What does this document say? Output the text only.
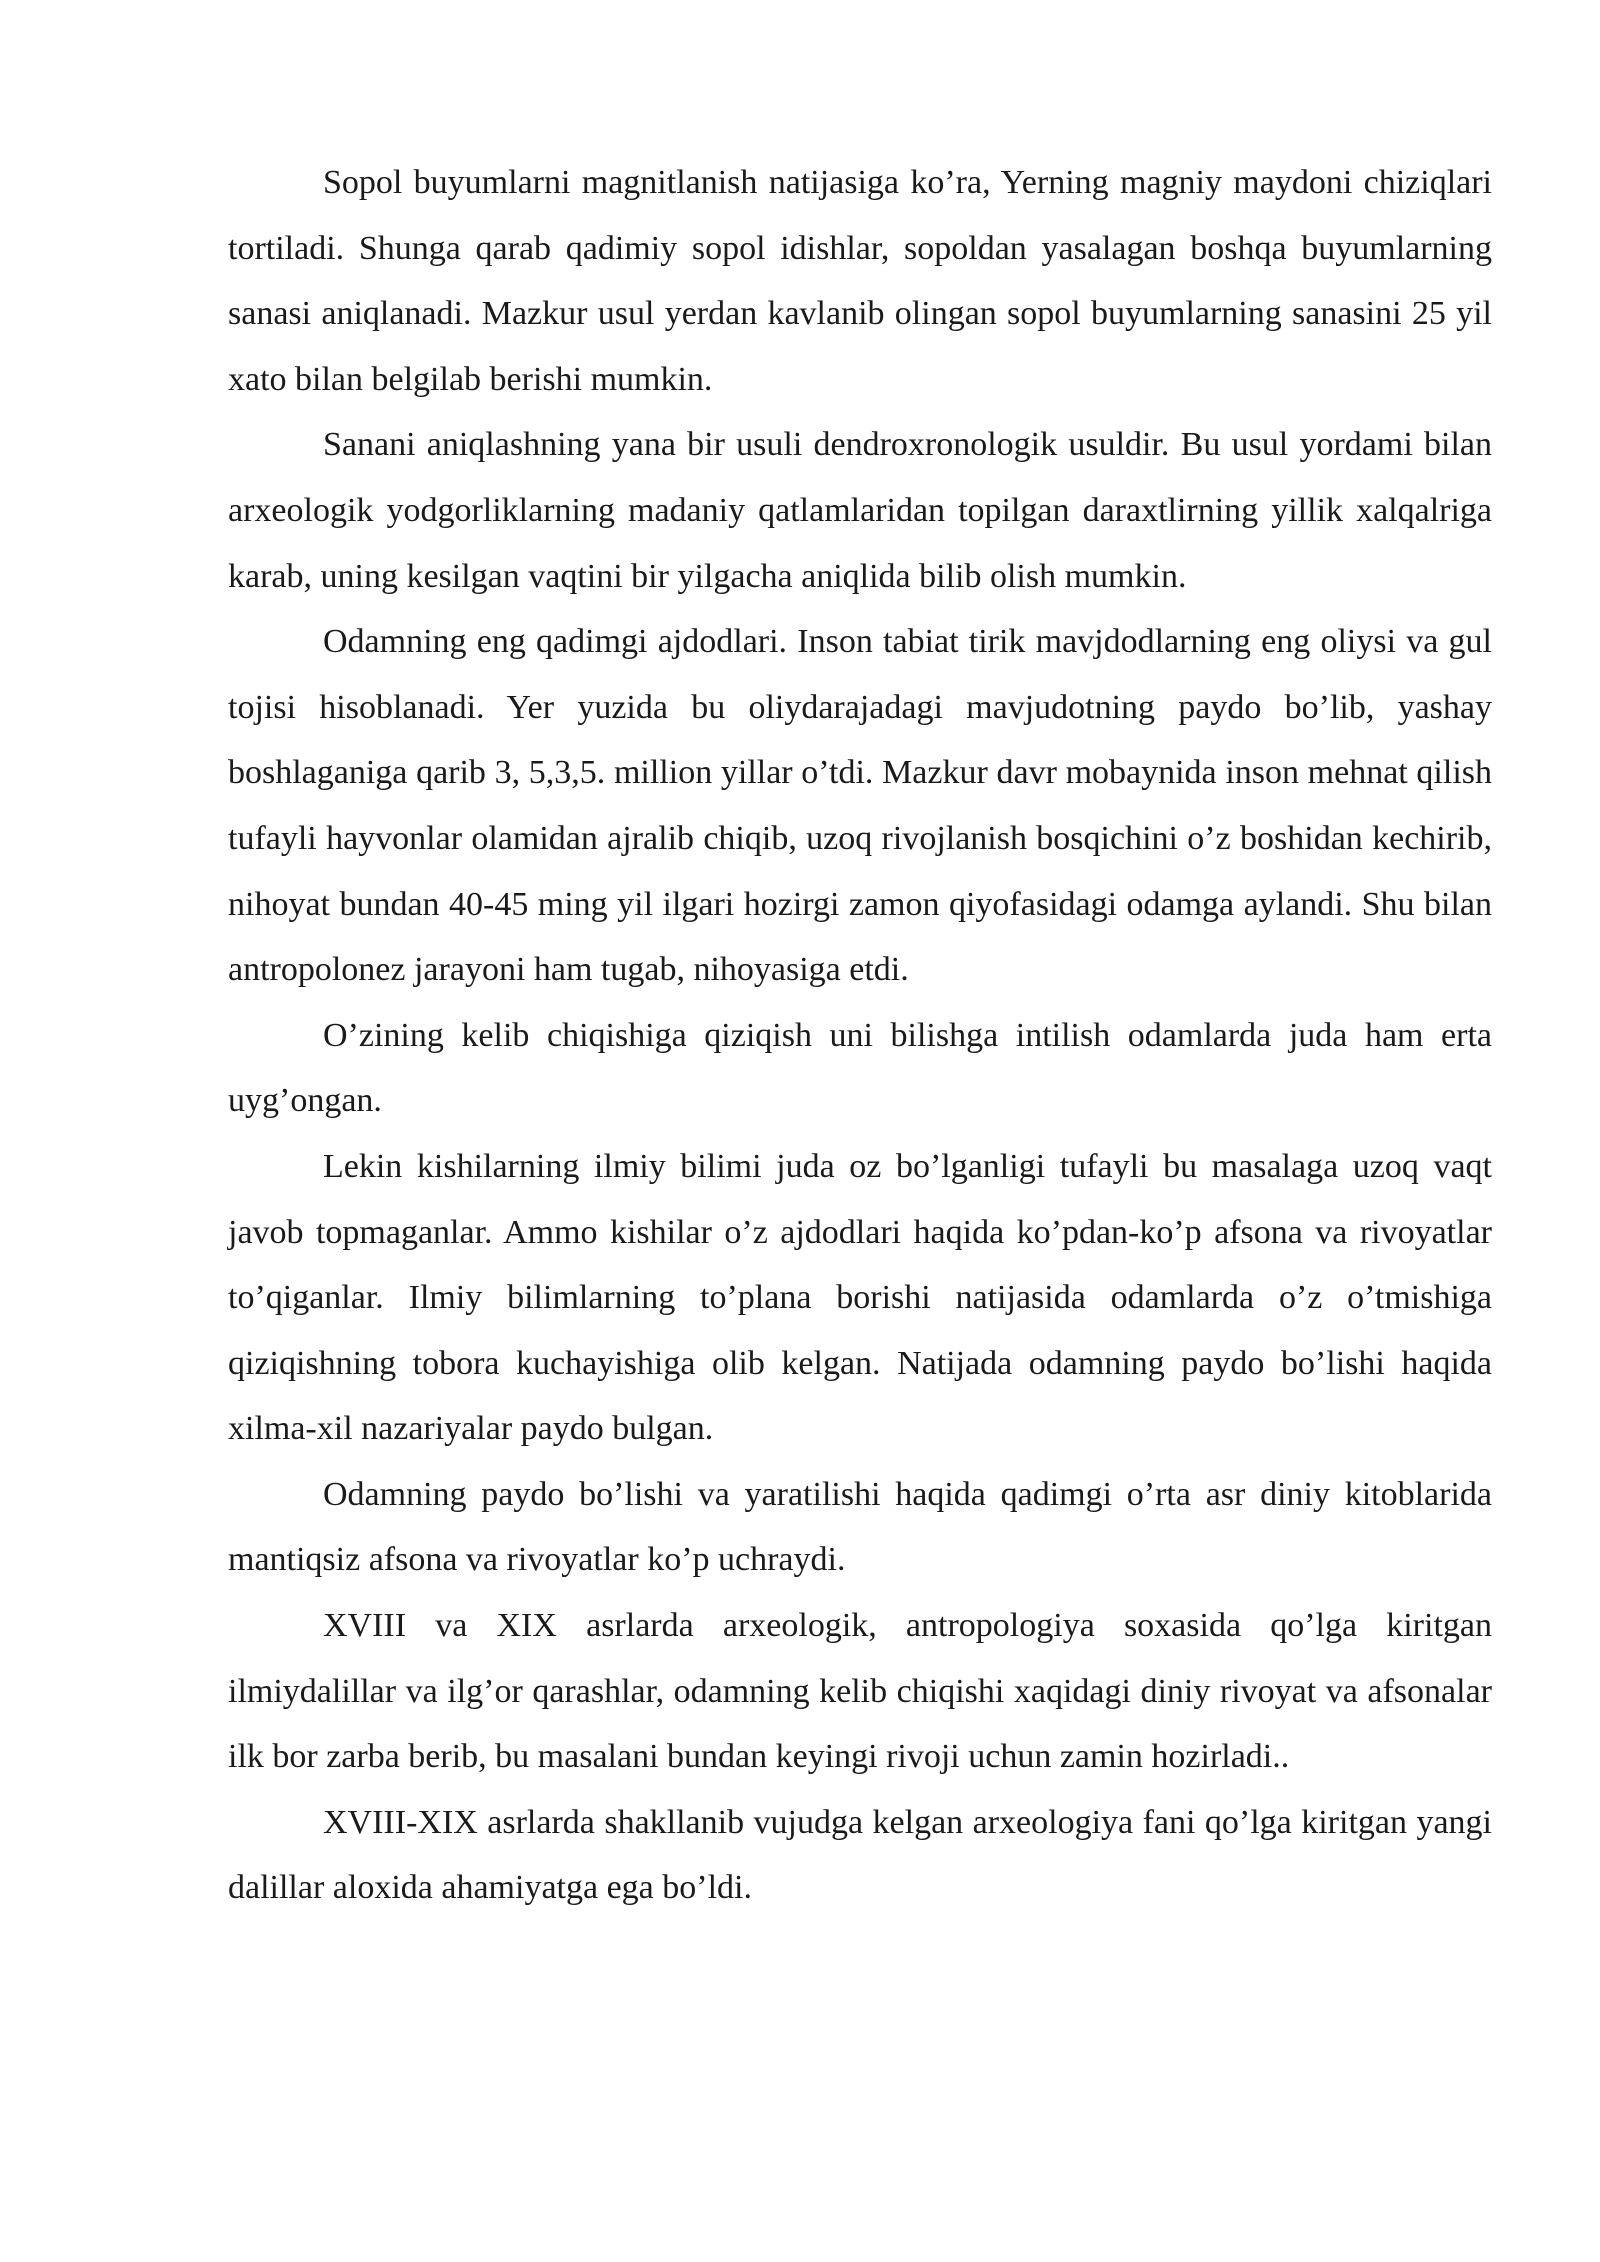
Sopol buyumlarni magnitlanish natijasiga ko’ra, Yerning magniy maydoni chiziqlari tortiladi. Shunga qarab qadimiy sopol idishlar, sopoldan yasalagan boshqa buyumlarning sanasi aniqlanadi. Mazkur usul yerdan kavlanib olingan sopol buyumlarning sanasini 25 yil xato bilan belgilab berishi mumkin.

Sanani aniqlashning yana bir usuli dendroxronologik usuldir. Bu usul yordami bilan arxeologik yodgorliklarning madaniy qatlamlaridan topilgan daraxtlirning yillik xalqalriga karab, uning kesilgan vaqtini bir yilgacha aniqlida bilib olish mumkin.

Odamning eng qadimgi ajdodlari. Inson tabiat tirik mavjdodlarning eng oliysi va gul tojisi hisoblanadi. Yer yuzida bu oliydarajadagi mavjudotning paydo bo’lib, yashay boshlaganiga qarib 3, 5,3,5. million yillar o’tdi. Mazkur davr mobaynida inson mehnat qilish tufayli hayvonlar olamidan ajralib chiqib, uzoq rivojlanish bosqichini o’z boshidan kechirib, nihoyat bundan 40-45 ming yil ilgari hozirgi zamon qiyofasidagi odamga aylandi. Shu bilan antropolonez jarayoni ham tugab, nihoyasiga etdi.

O’zining kelib chiqishiga qiziqish uni bilishga intilish odamlarda juda ham erta uyg’ongan.

Lekin kishilarning ilmiy bilimi juda oz bo’lganligi tufayli bu masalaga uzoq vaqt javob topmaganlar. Ammo kishilar o’z ajdodlari haqida ko’pdan-ko’p afsona va rivoyatlar to’qiganlar. Ilmiy bilimlarning to’plana borishi natijasida odamlarda o’z o’tmishiga qiziqishning tobora kuchayishiga olib kelgan. Natijada odamning paydo bo’lishi haqida xilma-xil nazariyalar paydo bulgan.

Odamning paydo bo’lishi va yaratilishi haqida qadimgi o’rta asr diniy kitoblarida mantiqsiz afsona va rivoyatlar ko’p uchraydi.

XVIII va XIX asrlarda arxeologik, antropologiya soxasida qo’lga kiritgan ilmiydalillar va ilg’or qarashlar, odamning kelib chiqishi xaqidagi diniy rivoyat va afsonalar ilk bor zarba berib, bu masalani bundan keyingi rivoji uchun zamin hozirladi..

XVIII-XIX asrlarda shakllanib vujudga kelgan arxeologiya fani qo’lga kiritgan yangi dalillar aloxida ahamiyatga ega bo’ldi.
